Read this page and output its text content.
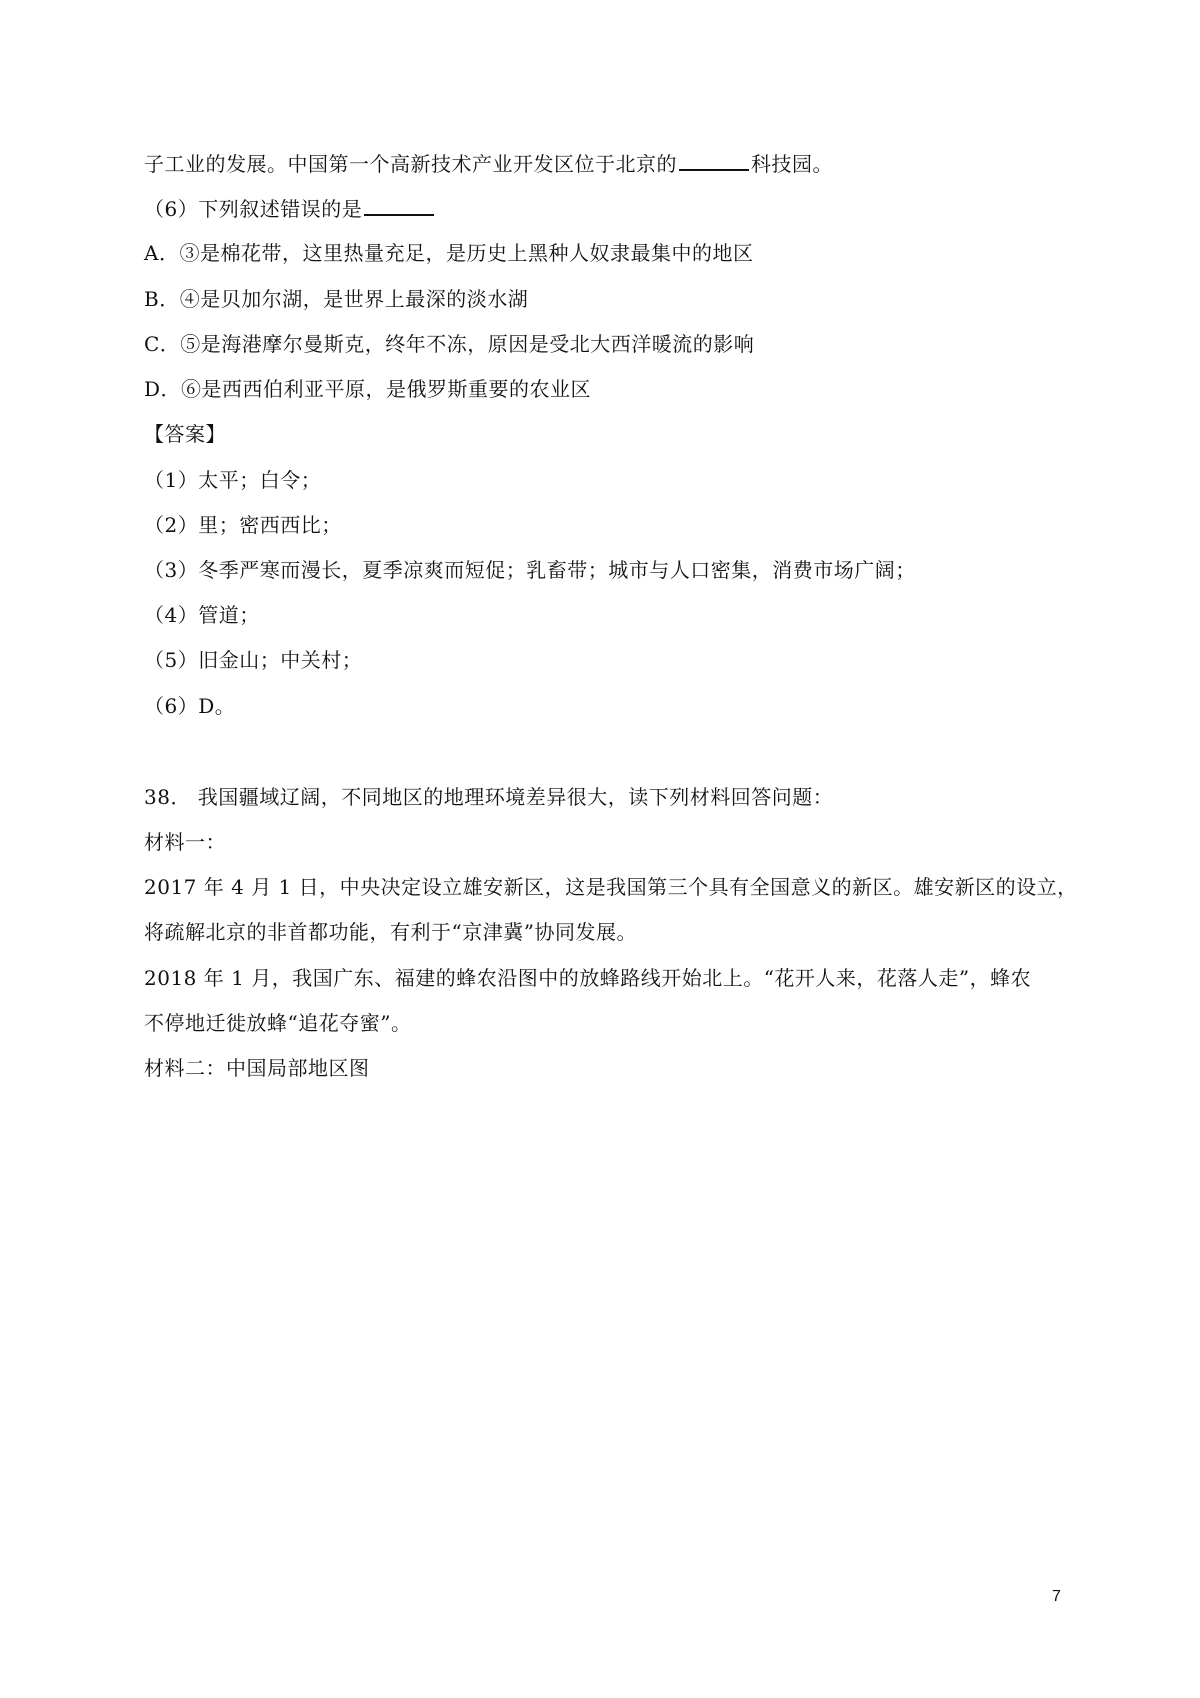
子工业的发展。中国第一个高新技术产业开发区位于北京的	科技园。
（6）下列叙述错误的是
A．③是棉花带，这里热量充足，是历史上黑种人奴隶最集中的地区
B．④是贝加尔湖，是世界上最深的淡水湖
C．⑤是海港摩尔曼斯克，终年不冻，原因是受北大西洋暖流的影响
D．⑥是西西伯利亚平原，是俄罗斯重要的农业区
【答案】
（1）太平；白令；
（2）里；密西西比；
（3）冬季严寒而漫长，夏季凉爽而短促；乳畜带；城市与人口密集，消费市场广阔；
（4）管道；
（5）旧金山；中关村；
（6）D。
38． 我国疆域辽阔，不同地区的地理环境差异很大，读下列材料回答问题：
材料一：
2017 年 4 月 1 日，中央决定设立雄安新区，这是我国第三个具有全国意义的新区。雄安新区的设立，
将疏解北京的非首都功能，有利于“京津冀”协同发展。
2018 年 1 月，我国广东、福建的蜂农沿图中的放蜂路线开始北上。“花开人来，花落人走”，蜂农
不停地迁徙放蜂“追花夺蜜”。
材料二：中国局部地区图
7
